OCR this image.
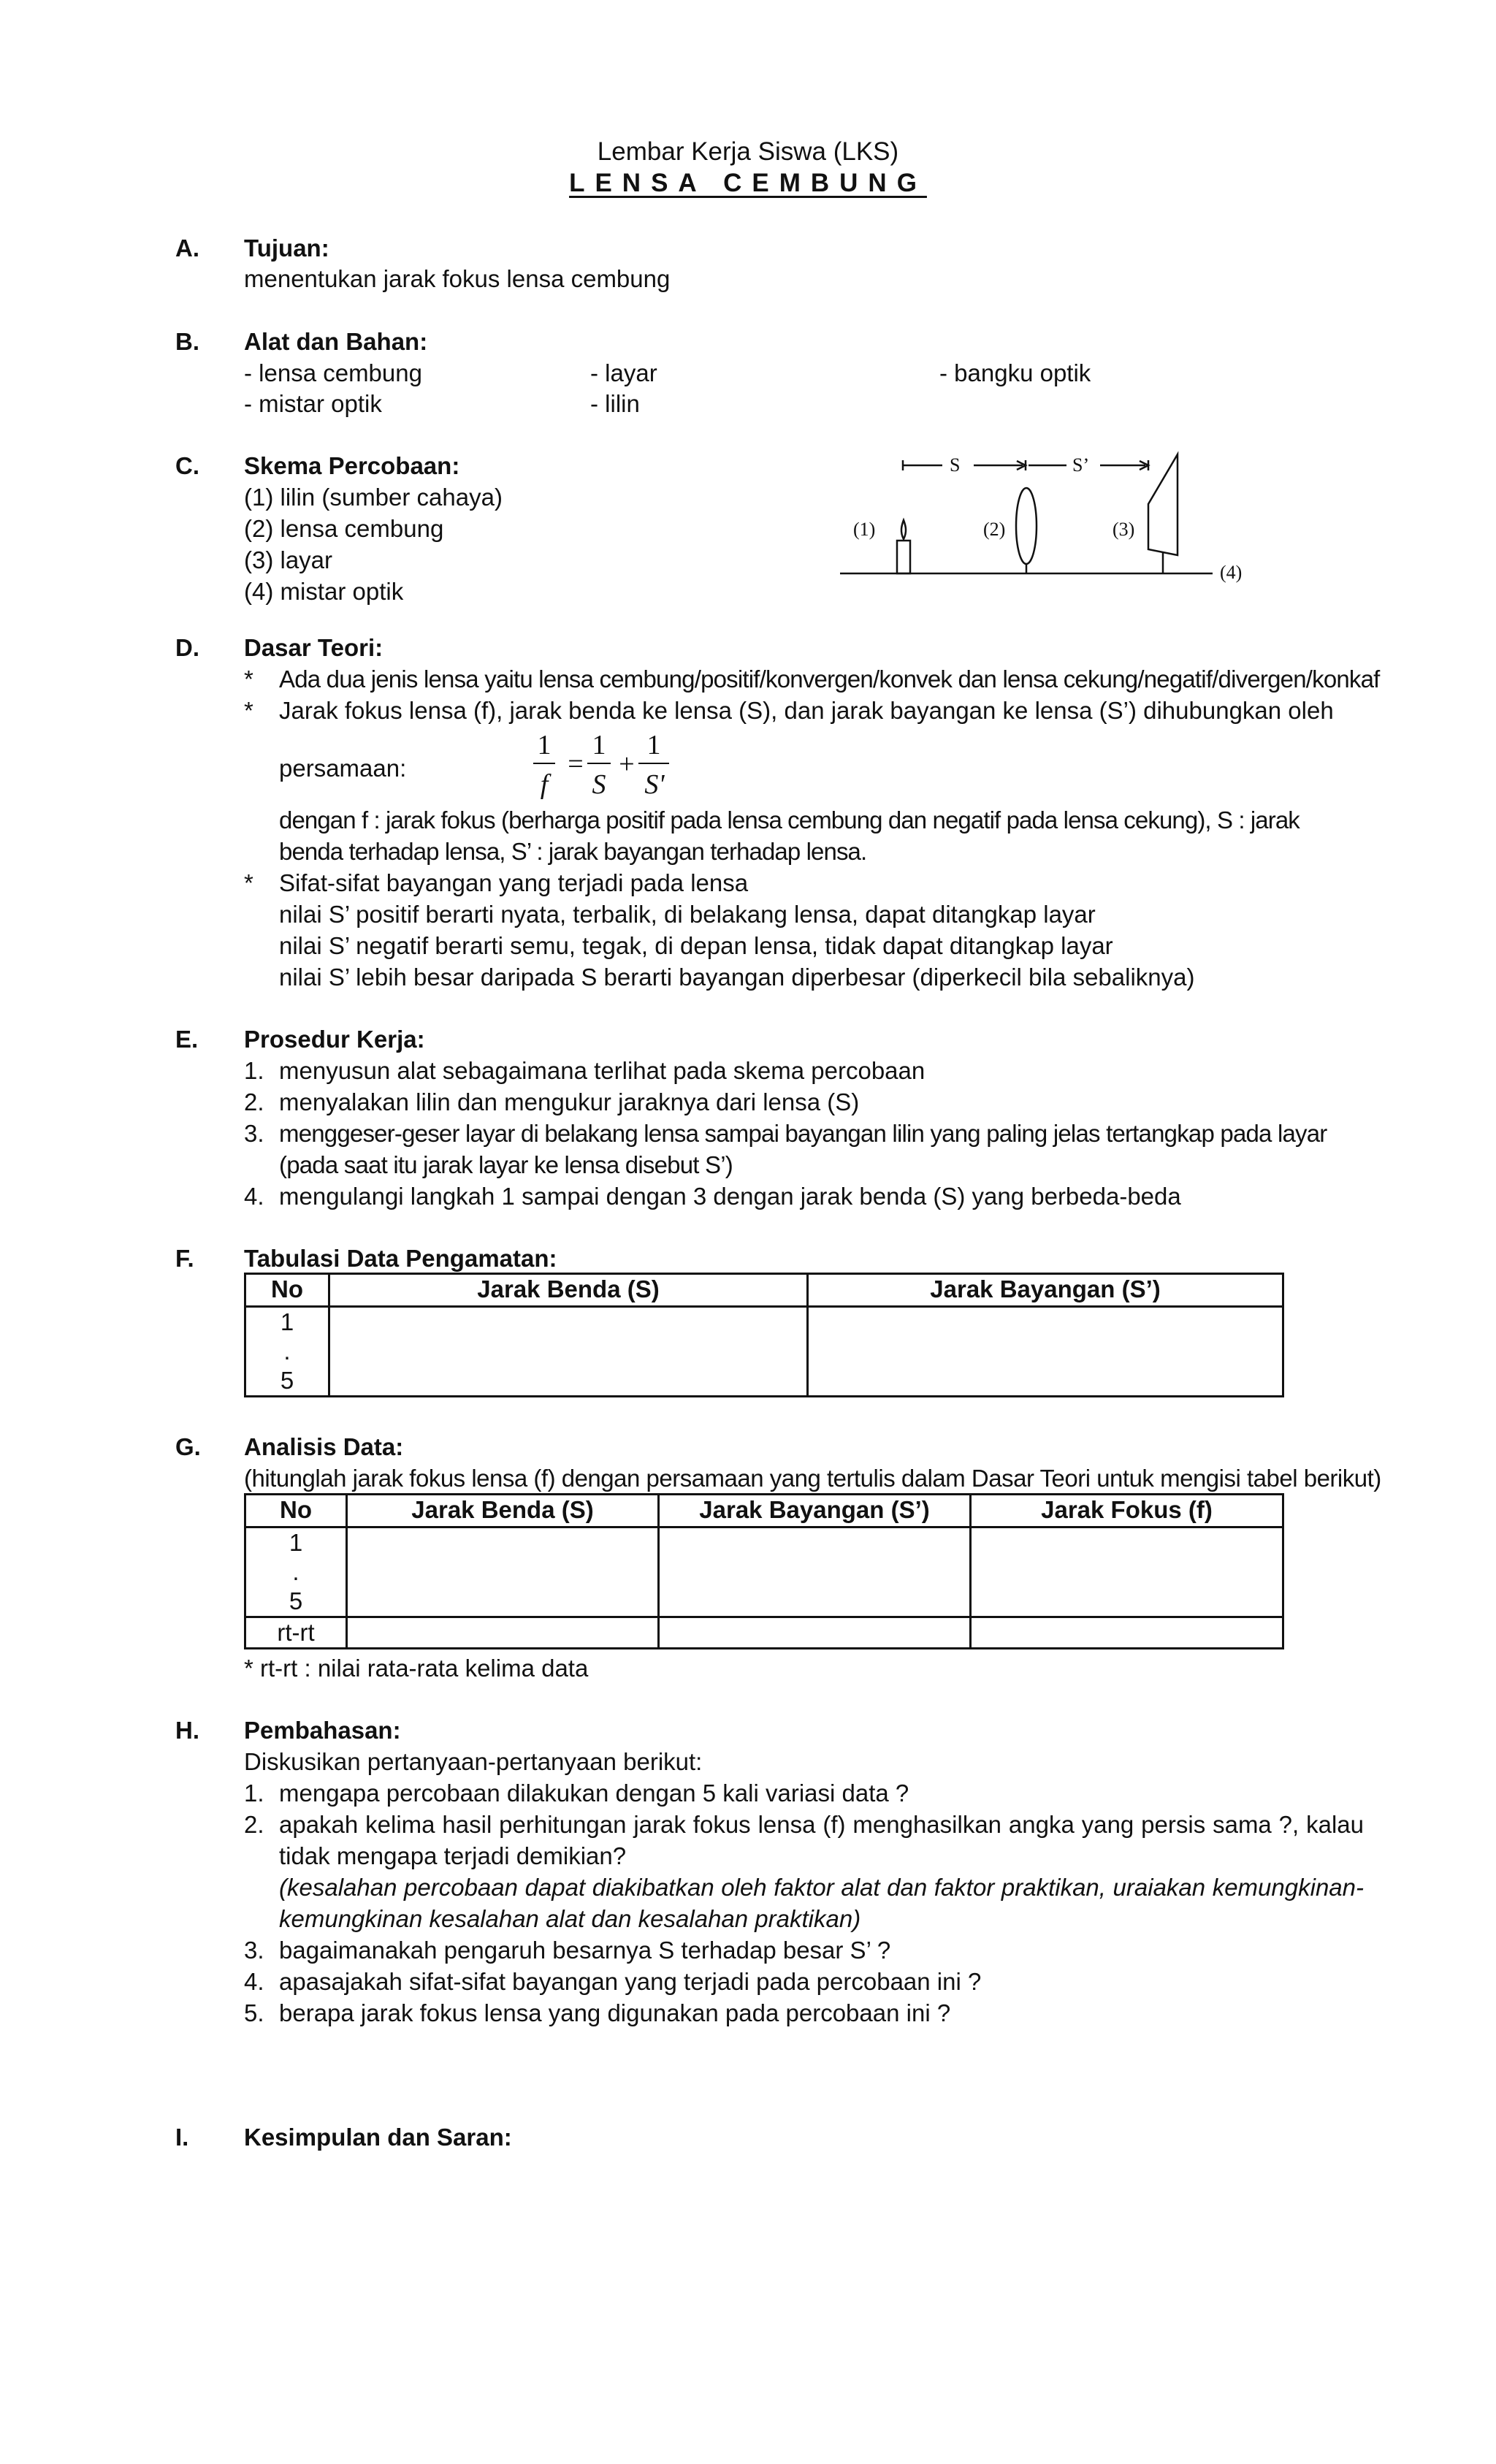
Lembar Kerja Siswa (LKS)
LENSA CEMBUNG
A. Tujuan:
menentukan jarak fokus lensa cembung
B. Alat dan Bahan:
- lensa cembung	- layar	- bangku optik
- mistar optik	- lilin
C. Skema Percobaan:
(1) lilin (sumber cahaya)
(2) lensa cembung
(3) layar
(4) mistar optik
S	S’
(1)	(2)	(3)
(4)
D. Dasar Teori:
* Ada dua jenis lensa yaitu lensa cembung/positif/konvergen/konvek dan lensa cekung/negatif/divergen/konkaf
* Jarak fokus lensa (f), jarak benda ke lensa (S), dan jarak bayangan ke lensa (S’) dihubungkan oleh
persamaan:
1
f
=
1
S
+
1
S'
dengan f : jarak fokus (berharga positif pada lensa cembung dan negatif pada lensa cekung), S : jarak benda terhadap lensa, S’ : jarak bayangan terhadap lensa.
* Sifat-sifat bayangan yang terjadi pada lensa
nilai S’ positif berarti nyata, terbalik, di belakang lensa, dapat ditangkap layar
nilai S’ negatif berarti semu, tegak, di depan lensa, tidak dapat ditangkap layar
nilai S’ lebih besar daripada S berarti bayangan diperbesar (diperkecil bila sebaliknya)
E. Prosedur Kerja:
1. menyusun alat sebagaimana terlihat pada skema percobaan
2. menyalakan lilin dan mengukur jaraknya dari lensa (S)
3. menggeser-geser layar di belakang lensa sampai bayangan lilin yang paling jelas tertangkap pada layar (pada saat itu jarak layar ke lensa disebut S’)
4. mengulangi langkah 1 sampai dengan 3 dengan jarak benda (S) yang berbeda-beda
F. Tabulasi Data Pengamatan:
No	Jarak Benda (S)	Jarak Bayangan (S’)

1
.
5		

G. Analisis Data:
(hitunglah jarak fokus lensa (f) dengan persamaan yang tertulis dalam Dasar Teori untuk mengisi tabel berikut)
No	Jarak Benda (S)	Jarak Bayangan (S’)	Jarak Fokus (f)

1
.
5			

rt-rt			
* rt-rt : nilai rata-rata kelima data
H. Pembahasan:
Diskusikan pertanyaan-pertanyaan berikut:
1. mengapa percobaan dilakukan dengan 5 kali variasi data ?
2. apakah kelima hasil perhitungan jarak fokus lensa (f) menghasilkan angka yang persis sama ?, kalau tidak mengapa terjadi demikian?
(kesalahan percobaan dapat diakibatkan oleh faktor alat dan faktor praktikan, uraiakan kemungkinan-kemungkinan kesalahan alat dan kesalahan praktikan)
3. bagaimanakah pengaruh besarnya S terhadap besar S’ ?
4. apasajakah sifat-sifat bayangan yang terjadi pada percobaan ini ?
5. berapa jarak fokus lensa yang digunakan pada percobaan ini ?
I. Kesimpulan dan Saran:
